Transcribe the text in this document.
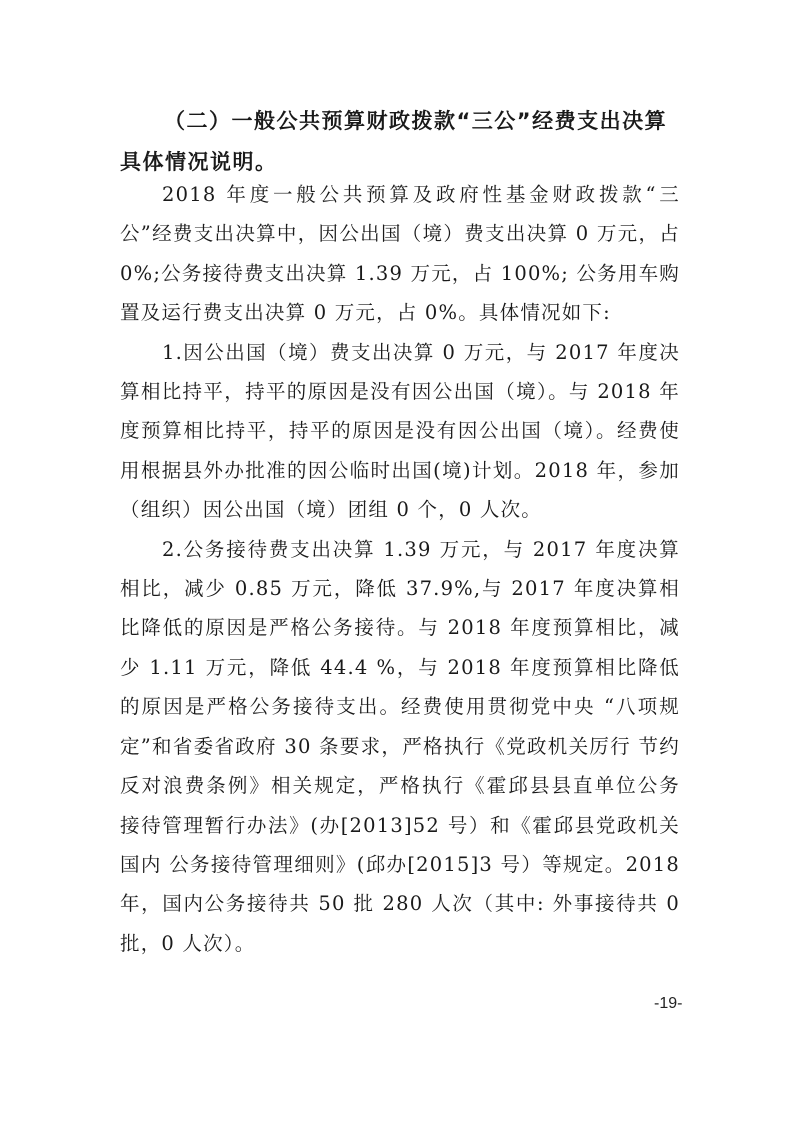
（二）一般公共预算财政拨款“三公”经费支出决算具体情况说明。

2018 年度一般公共预算及政府性基金财政拨款“三公”经费支出决算中，因公出国（境）费支出决算 0 万元，占 0%;公务接待费支出决算 1.39 万元，占 100%; 公务用车购置及运行费支出决算 0 万元，占 0%。具体情况如下:

1.因公出国（境）费支出决算 0 万元，与 2017 年度决算相比持平，持平的原因是没有因公出国（境）。与 2018 年度预算相比持平，持平的原因是没有因公出国（境）。经费使用根据县外办批准的因公临时出国(境)计划。2018 年，参加（组织）因公出国（境）团组 0 个，0 人次。

2.公务接待费支出决算 1.39 万元，与 2017 年度决算相比，减少 0.85 万元，降低 37.9%,与 2017 年度决算相比降低的原因是严格公务接待。与 2018 年度预算相比，减少 1.11 万元，降低 44.4 %，与 2018 年度预算相比降低的原因是严格公务接待支出。经费使用贯彻党中央 “八项规定”和省委省政府 30 条要求，严格执行《党政机关厉行 节约反对浪费条例》相关规定，严格执行《霍邱县县直单位公务 接待管理暂行办法》(办[2013]52 号）和《霍邱县党政机关国内 公务接待管理细则》(邱办[2015]3 号）等规定。2018 年，国内公务接待共 50 批 280 人次（其中: 外事接待共 0 批，0 人次）。

-19-
